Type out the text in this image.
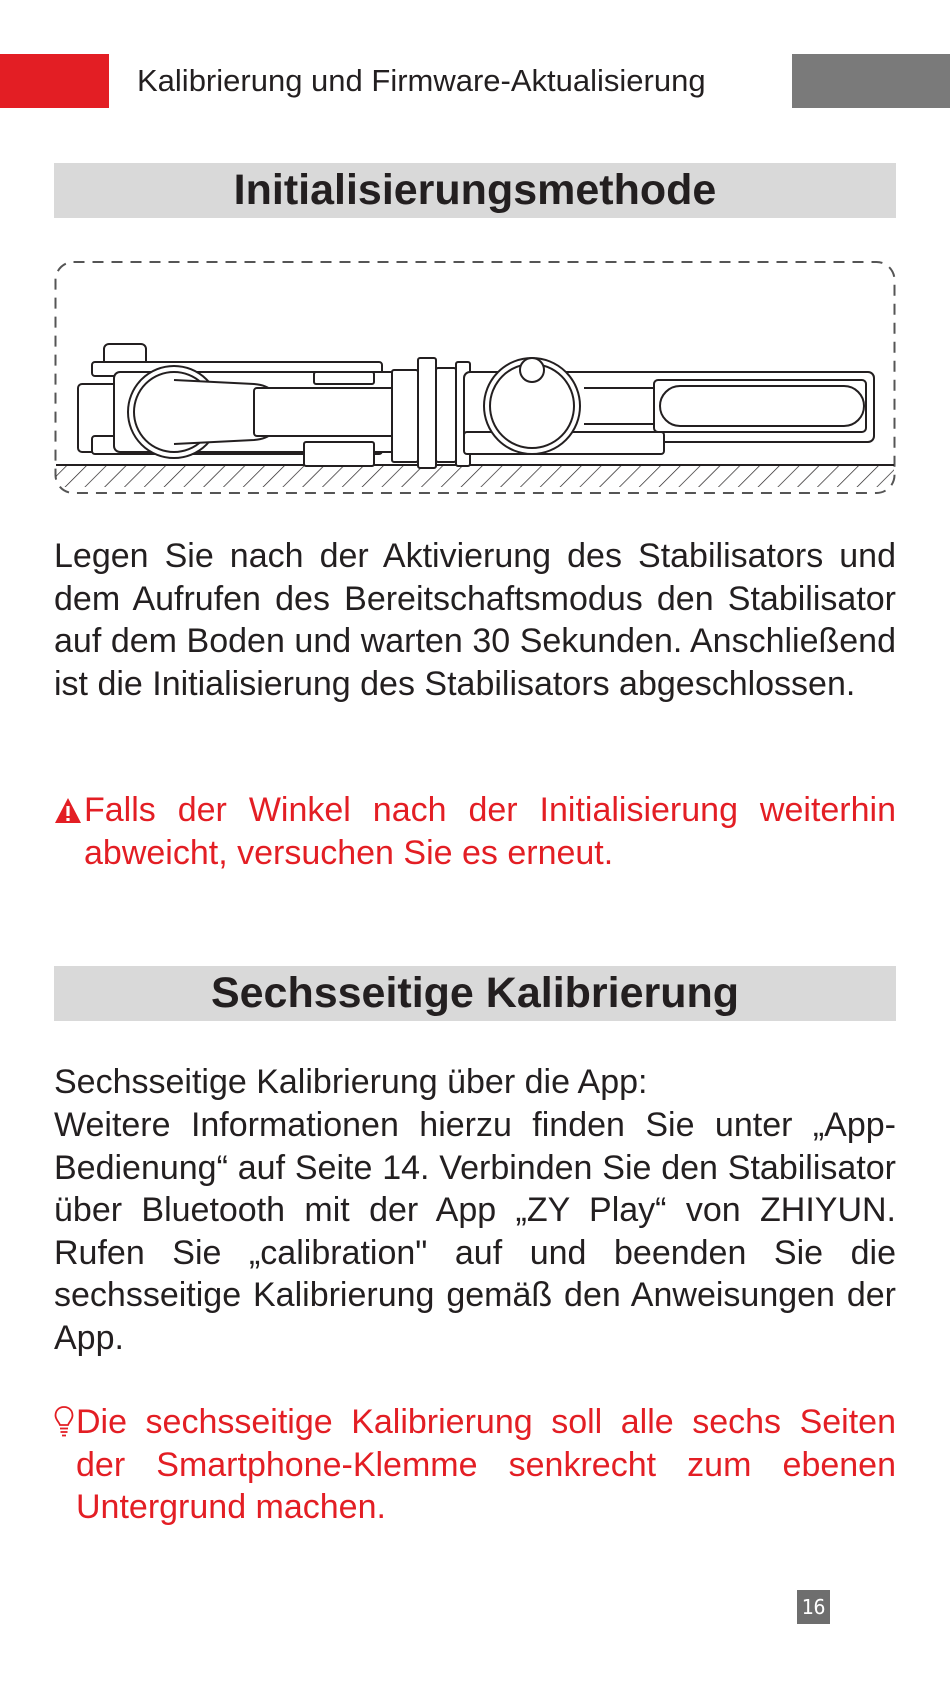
Kalibrierung und Firmware-Aktualisierung
Initialisierungsmethode
Legen Sie nach der Aktivierung des Stabilisators und dem Aufrufen des Bereitschaftsmodus den Stabilisator auf dem Boden und warten 30 Sekunden. Anschließend ist die Initialisierung des Stabilisators abgeschlossen.
Falls der Winkel nach der Initialisierung weiterhin abweicht, versuchen Sie es erneut.
Sechsseitige Kalibrierung
Sechsseitige Kalibrierung über die App:
Weitere Informationen hierzu finden Sie unter „App-Bedienung“ auf Seite 14. Verbinden Sie den Stabilisator über Bluetooth mit der App „ZY Play“ von ZHIYUN. Rufen Sie „calibration" auf und beenden Sie die sechsseitige Kalibrierung gemäß den Anweisungen der App.
Die sechsseitige Kalibrierung soll alle sechs Seiten der Smartphone-Klemme senkrecht zum ebenen Untergrund machen.
16
